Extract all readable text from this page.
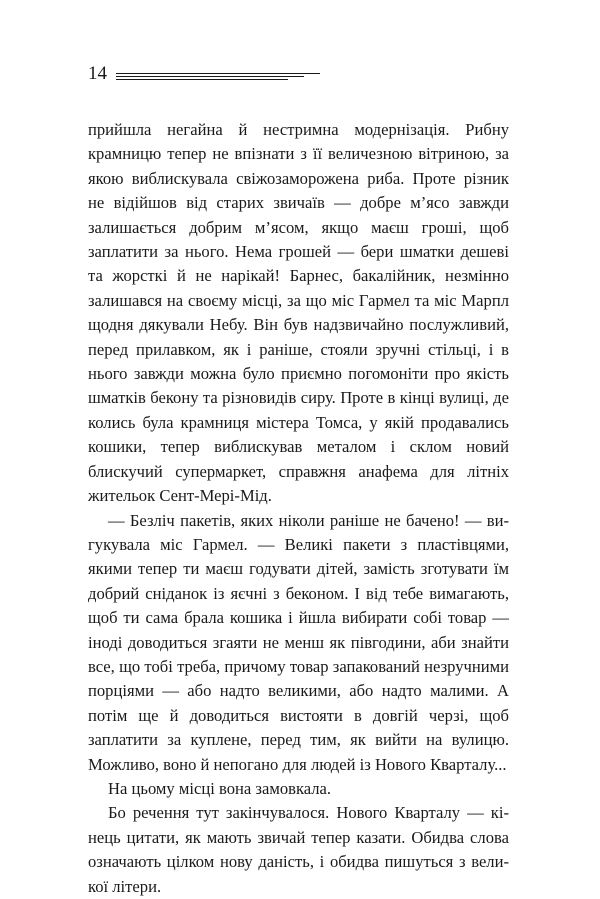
14

прийшла негайна й нестримна модернізація. Рибну крамницю тепер не впізнати з її величезною вітриною, за якою виблискувала свіжозаморожена риба. Проте різник не відійшов від старих звичаїв — добре м’ясо завжди залишається добрим м’ясом, якщо маєш гроші, щоб заплатити за нього. Нема грошей — бери шматки дешеві та жорсткі й не нарікай! Барнес, бакалійник, незмінно залишався на своєму місці, за що міс Гармел та міс Марпл щодня дякували Небу. Він був надзвичайно послужливий, перед прилавком, як і раніше, стояли зручні стільці, і в нього завжди можна було приємно погомоніти про якість шматків бекону та різновидів сиру. Проте в кінці вулиці, де колись була крамниця містера Томса, у якій продавались кошики, тепер виблискував металом і склом новий блискучий супермаркет, справжня анафема для літніх жительок Сент-Мері-Мід.

— Безліч пакетів, яких ніколи раніше не бачено! — вигукувала міс Гармел. — Великі пакети з пластівцями, якими тепер ти маєш годувати дітей, замість зготувати їм добрий сніданок із яєчні з беконом. І від тебе вимагають, щоб ти сама брала кошика і йшла вибирати собі товар — іноді доводиться згаяти не менш як півгодини, аби знайти все, що тобі треба, причому товар запакований незручними порціями — або надто великими, або надто малими. А потім ще й доводиться вистояти в довгій черзі, щоб заплатити за куплене, перед тим, як вийти на вулицю. Можливо, воно й непогано для людей із Нового Кварталу...

На цьому місці вона замовкала.

Бо речення тут закінчувалося. Нового Кварталу — кінець цитати, як мають звичай тепер казати. Обидва слова означають цілком нову даність, і обидва пишуться з великої літери.
